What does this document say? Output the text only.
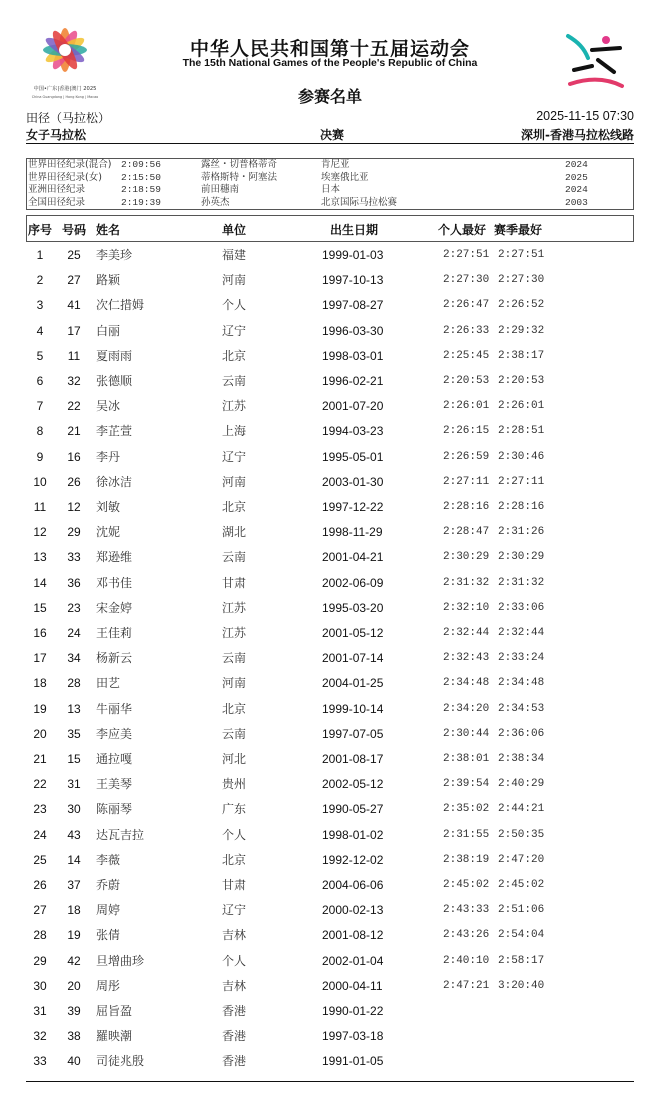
中国•广东|香港|澳门 2025
China Guangdong | Hong Kong | Macao
中华人民共和国第十五届运动会
The 15th National Games of the People's Republic of China
参赛名单
田径（马拉松）	2025-11-15 07:30
女子马拉松	决赛	深圳-香港马拉松线路
世界田径纪录(混合) 2:09:56	露丝・切普格蒂奇	肯尼亚	2024
世界田径纪录(女) 2:15:50	蒂格斯特・阿塞法	埃塞俄比亚	2025
亚洲田径纪录	2:18:59	前田穗南	日本	2024
全国田径纪录	2:19:39	孙英杰	北京国际马拉松赛	2003
序号 号码 姓名	单位	出生日期	个人最好 赛季最好
1	25	李美珍	福建	1999-01-03	2:27:51 2:27:51
2	27	路颖	河南	1997-10-13	2:27:30 2:27:30
3	41	次仁措姆	个人	1997-08-27	2:26:47 2:26:52
4	17	白丽	辽宁	1996-03-30	2:26:33 2:29:32
5	11	夏雨雨	北京	1998-03-01	2:25:45 2:38:17
6	32	张德顺	云南	1996-02-21	2:20:53 2:20:53
7	22	吴冰	江苏	2001-07-20	2:26:01 2:26:01
8	21	李芷萱	上海	1994-03-23	2:26:15 2:28:51
9	16	李丹	辽宁	1995-05-01	2:26:59 2:30:46
10	26	徐冰洁	河南	2003-01-30	2:27:11 2:27:11
11	12	刘敏	北京	1997-12-22	2:28:16 2:28:16
12	29	沈妮	湖北	1998-11-29	2:28:47 2:31:26
13	33	郑逊维	云南	2001-04-21	2:30:29 2:30:29
14	36	邓书佳	甘肃	2002-06-09	2:31:32 2:31:32
15	23	宋金婷	江苏	1995-03-20	2:32:10 2:33:06
16	24	王佳莉	江苏	2001-05-12	2:32:44 2:32:44
17	34	杨新云	云南	2001-07-14	2:32:43 2:33:24
18	28	田艺	河南	2004-01-25	2:34:48 2:34:48
19	13	牛丽华	北京	1999-10-14	2:34:20 2:34:53
20	35	李应美	云南	1997-07-05	2:30:44 2:36:06
21	15	通拉嘎	河北	2001-08-17	2:38:01 2:38:34
22	31	王美琴	贵州	2002-05-12	2:39:54 2:40:29
23	30	陈丽琴	广东	1990-05-27	2:35:02 2:44:21
24	43	达瓦吉拉	个人	1998-01-02	2:31:55 2:50:35
25	14	李薇	北京	1992-12-02	2:38:19 2:47:20
26	37	乔蔚	甘肃	2004-06-06	2:45:02 2:45:02
27	18	周婷	辽宁	2000-02-13	2:43:33 2:51:06
28	19	张倩	吉林	2001-08-12	2:43:26 2:54:04
29	42	旦增曲珍	个人	2002-01-04	2:40:10 2:58:17
30	20	周彤	吉林	2000-04-11	2:47:21 3:20:40
31	39	屈旨盈	香港	1990-01-22
32	38	羅映潮	香港	1997-03-18
33	40	司徒兆殷	香港	1991-01-05
